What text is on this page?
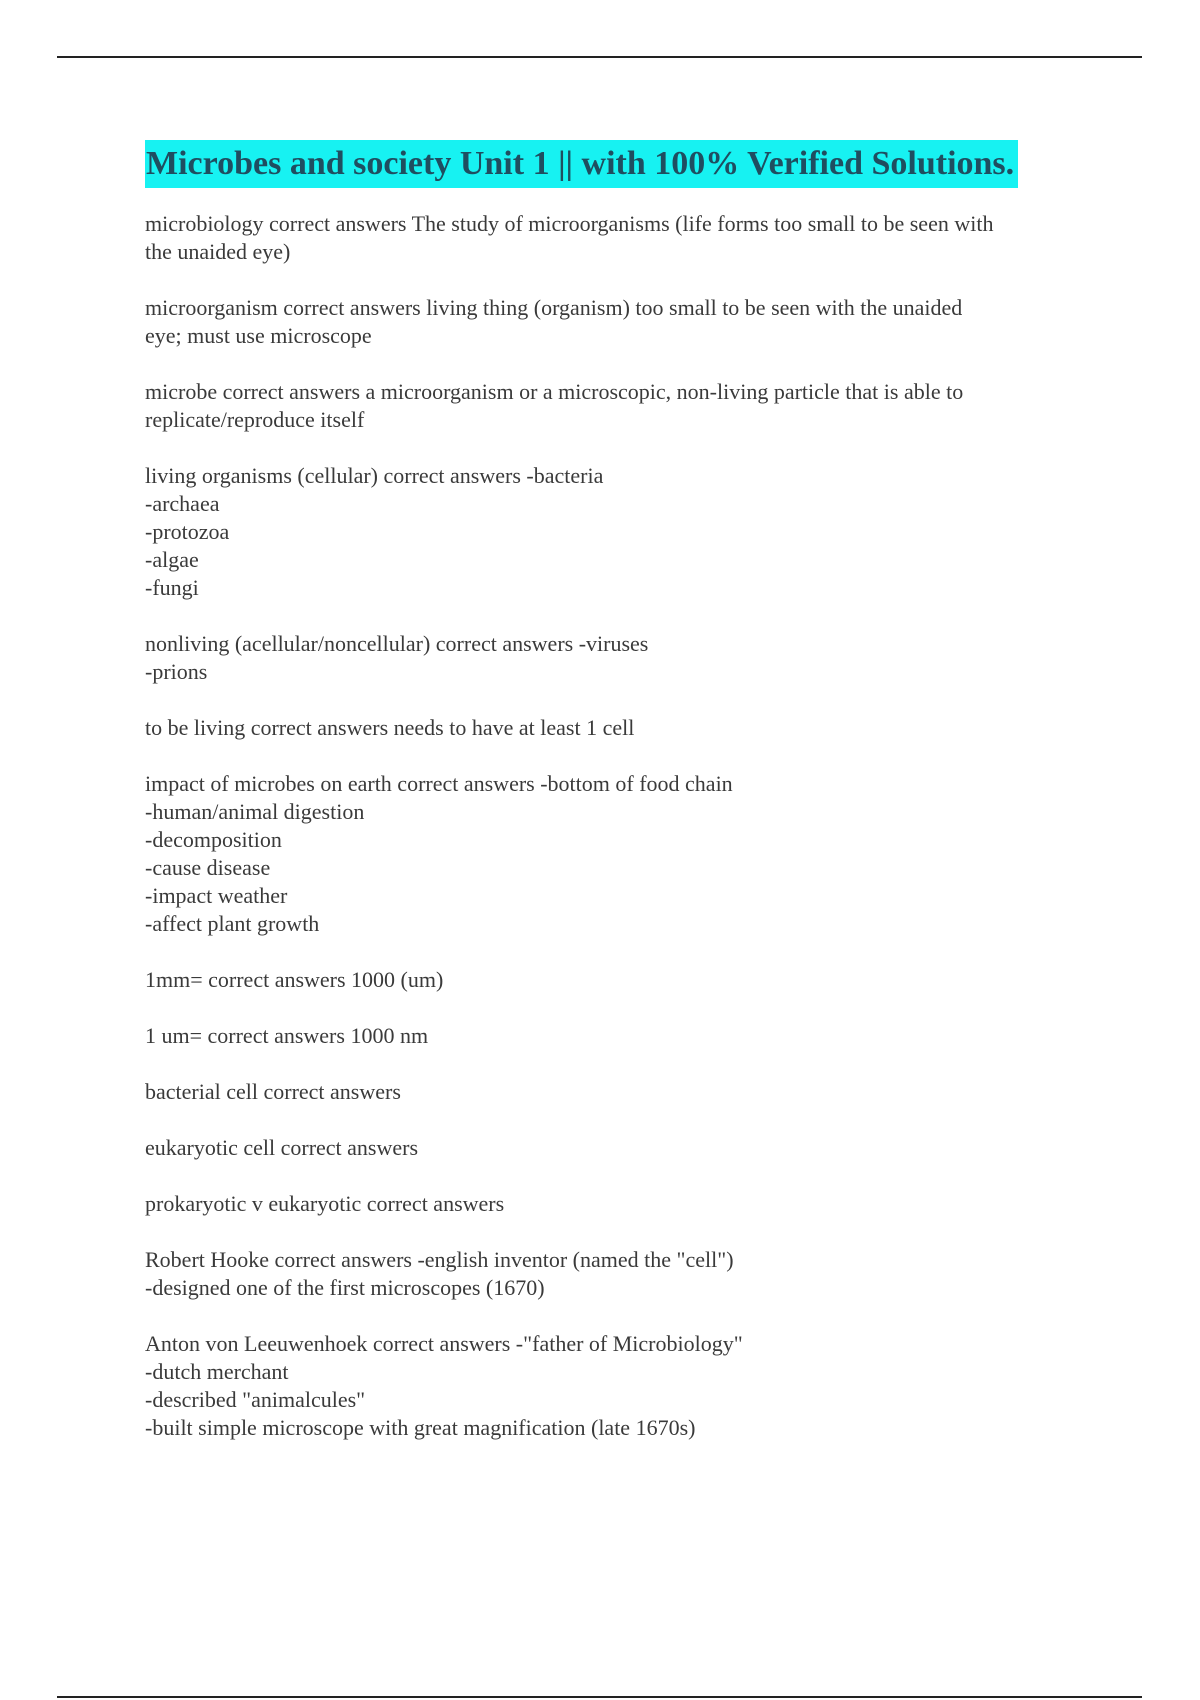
Microbes and society Unit 1 || with 100% Verified Solutions.
microbiology correct answers The study of microorganisms (life forms too small to be seen with
the unaided eye)
microorganism correct answers living thing (organism) too small to be seen with the unaided
eye; must use microscope
microbe correct answers a microorganism or a microscopic, non-living particle that is able to
replicate/reproduce itself
living organisms (cellular) correct answers -bacteria
-archaea
-protozoa
-algae
-fungi
nonliving (acellular/noncellular) correct answers -viruses
-prions
to be living correct answers needs to have at least 1 cell
impact of microbes on earth correct answers -bottom of food chain
-human/animal digestion
-decomposition
-cause disease
-impact weather
-affect plant growth
1mm= correct answers 1000 (um)
1 um= correct answers 1000 nm
bacterial cell correct answers
eukaryotic cell correct answers
prokaryotic v eukaryotic correct answers
Robert Hooke correct answers -english inventor (named the "cell")
-designed one of the first microscopes (1670)
Anton von Leeuwenhoek correct answers -"father of Microbiology"
-dutch merchant
-described "animalcules"
-built simple microscope with great magnification (late 1670s)
